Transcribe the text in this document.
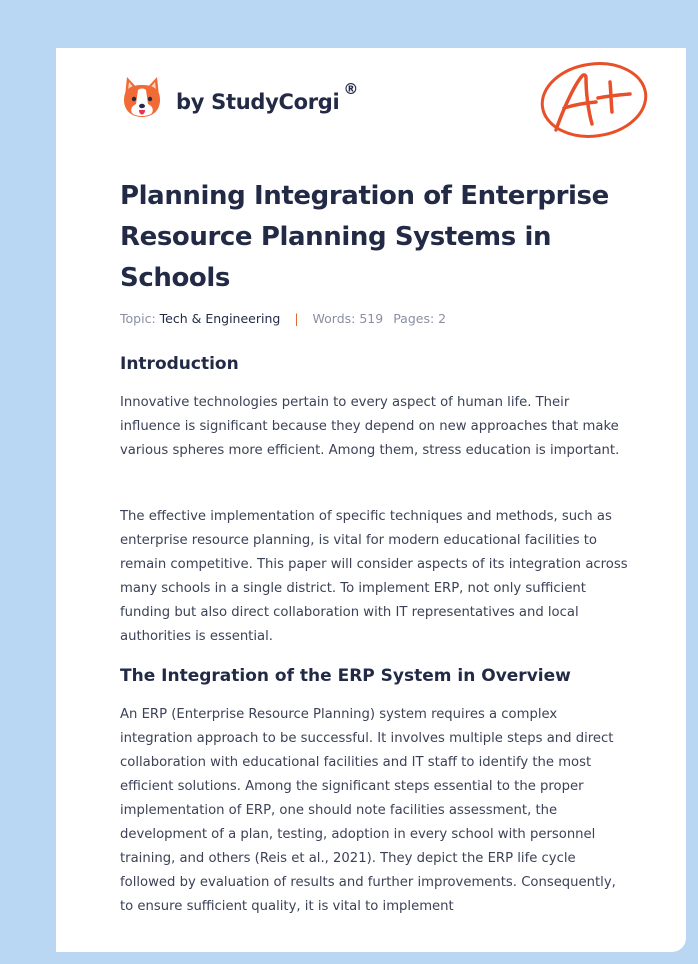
by StudyCorgi
®
Planning Integration of Enterprise Resource Planning Systems in Schools
Topic: Tech & Engineering | Words: 519 Pages: 2
Introduction

Innovative technologies pertain to every aspect of human life. Their influence is significant because they depend on new approaches that make various spheres more efficient. Among them, stress education is important.

The effective implementation of specific techniques and methods, such as enterprise resource planning, is vital for modern educational facilities to remain competitive. This paper will consider aspects of its integration across many schools in a single district. To implement ERP, not only sufficient funding but also direct collaboration with IT representatives and local authorities is essential.

The Integration of the ERP System in Overview

An ERP (Enterprise Resource Planning) system requires a complex integration approach to be successful. It involves multiple steps and direct collaboration with educational facilities and IT staff to identify the most efficient solutions. Among the significant steps essential to the proper implementation of ERP, one should note facilities assessment, the development of a plan, testing, adoption in every school with personnel training, and others (Reis et al., 2021). They depict the ERP life cycle followed by evaluation of results and further improvements. Consequently, to ensure sufficient quality, it is vital to implement
